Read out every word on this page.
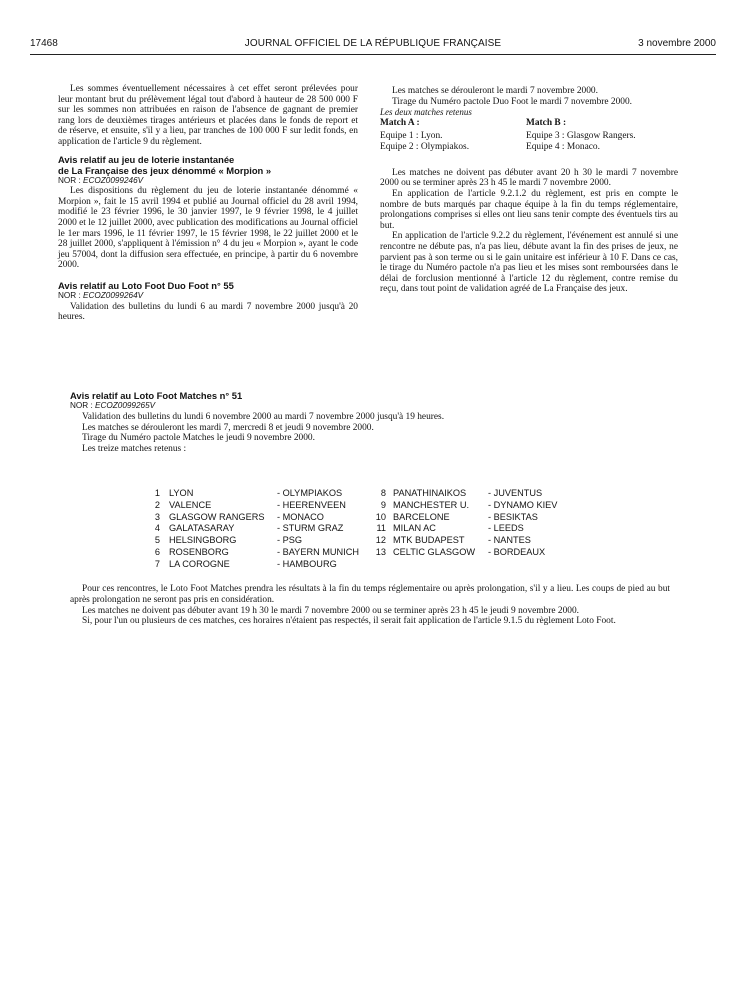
17468	JOURNAL OFFICIEL DE LA RÉPUBLIQUE FRANÇAISE	3 novembre 2000

Les sommes éventuellement nécessaires à cet effet seront prélevées pour leur montant brut du prélèvement légal tout d'abord à hauteur de 28 500 000 F sur les sommes non attribuées en raison de l'absence de gagnant de premier rang lors de deuxièmes tirages antérieurs et placées dans le fonds de report et de réserve, et ensuite, s'il y a lieu, par tranches de 100 000 F sur ledit fonds, en application de l'article 9 du règlement.

Avis relatif au jeu de loterie instantanée

de La Française des jeux dénommé « Morpion »

NOR : ECOZ0099246V

Les dispositions du règlement du jeu de loterie instantanée dénommé « Morpion », fait le 15 avril 1994 et publié au Journal officiel du 28 avril 1994, modifié le 23 février 1996, le 30 janvier 1997, le 9 février 1998, le 4 juillet 2000 et le 12 juillet 2000, avec publication des modifications au Journal officiel le 1er mars 1996, le 11 février 1997, le 15 février 1998, le 22 juillet 2000 et le 28 juillet 2000, s'appliquent à l'émission n° 4 du jeu « Morpion », ayant le code jeu 57004, dont la diffusion sera effectuée, en principe, à partir du 6 novembre 2000.

Avis relatif au Loto Foot Duo Foot n° 55

NOR : ECOZ0099264V

Validation des bulletins du lundi 6 au mardi 7 novembre 2000 jusqu'à 20 heures.

Les matches se dérouleront le mardi 7 novembre 2000.

Tirage du Numéro pactole Duo Foot le mardi 7 novembre 2000.

Les deux matches retenus

Match A :
Equipe 1 : Lyon.
Equipe 2 : Olympiakos.
Match B :
Equipe 3 : Glasgow Rangers.
Equipe 4 : Monaco.

Les matches ne doivent pas débuter avant 20 h 30 le mardi 7 novembre 2000 ou se terminer après 23 h 45 le mardi 7 novembre 2000.

En application de l'article 9.2.1.2 du règlement, est pris en compte le nombre de buts marqués par chaque équipe à la fin du temps réglementaire, prolongations comprises si elles ont lieu sans tenir compte des éventuels tirs au but.

En application de l'article 9.2.2 du règlement, l'événement est annulé si une rencontre ne débute pas, n'a pas lieu, débute avant la fin des prises de jeux, ne parvient pas à son terme ou si le gain unitaire est inférieur à 10 F. Dans ce cas, le tirage du Numéro pactole n'a pas lieu et les mises sont remboursées dans le délai de forclusion mentionné à l'article 12 du règlement, contre remise du reçu, dans tout point de validation agréé de La Française des jeux.

Avis relatif au Loto Foot Matches n° 51

NOR : ECOZ0099265V

Validation des bulletins du lundi 6 novembre 2000 au mardi 7 novembre 2000 jusqu'à 19 heures.

Les matches se dérouleront les mardi 7, mercredi 8 et jeudi 9 novembre 2000.

Tirage du Numéro pactole Matches le jeudi 9 novembre 2000.

Les treize matches retenus :

1 LYON	- OLYMPIAKOS	8 PANATHINAIKOS - JUVENTUS
2 VALENCE	- HEERENVEEN	9 MANCHESTER U. - DYNAMO KIEV
3 GLASGOW RANGERS - MONACO	10 BARCELONE	- BESIKTAS
4 GALATASARAY	- STURM GRAZ	11 MILAN AC	- LEEDS
5 HELSINGBORG	- PSG	12 MTK BUDAPEST	- NANTES
6 ROSENBORG	- BAYERN MUNICH 13 CELTIC GLASGOW - BORDEAUX
7 LA COROGNE	- HAMBOURG

Pour ces rencontres, le Loto Foot Matches prendra les résultats à la fin du temps réglementaire ou après prolongation, s'il y a lieu. Les coups de pied au but après prolongation ne seront pas pris en considération.

Les matches ne doivent pas débuter avant 19 h 30 le mardi 7 novembre 2000 ou se terminer après 23 h 45 le jeudi 9 novembre 2000.

Si, pour l'un ou plusieurs de ces matches, ces horaires n'étaient pas respectés, il serait fait application de l'article 9.1.5 du règlement Loto Foot.
